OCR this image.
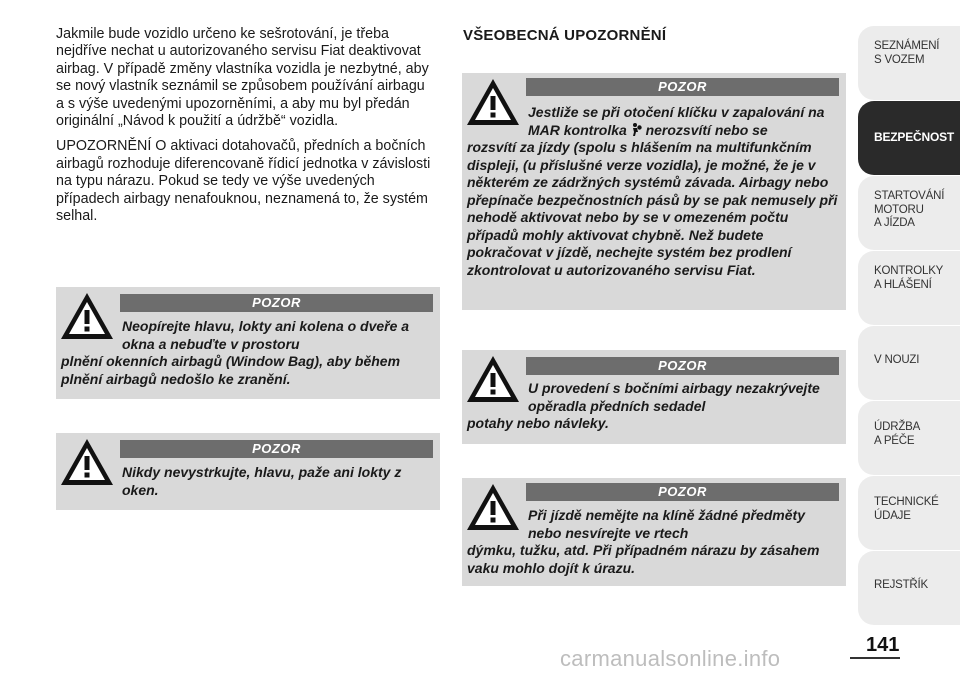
Jakmile bude vozidlo určeno ke sešrotování, je třeba nejdříve nechat u autorizovaného servisu Fiat deaktivovat airbag. V případě změny vlastníka vozidla je nezbytné, aby se nový vlastník seznámil se způsobem používání airbagu a s výše uvedenými upozorněními, a aby mu byl předán originální „Návod k použití a údržbě“ vozidla.

UPOZORNĚNÍ O aktivaci dotahovačů, předních a bočních airbagů rozhoduje diferencovaně řídicí jednotka v závislosti na typu nárazu. Pokud se tedy ve výše uvedených případech airbagy nenafouknou, neznamená to, že systém selhal.

POZOR

Neopírejte hlavu, lokty ani kolena o dveře a okna a nebuďte v prostoru
plnění okenních airbagů (Window Bag), aby během plnění airbagů nedošlo ke zranění.

POZOR

Nikdy nevystrkujte, hlavu, paže ani lokty z oken.

VŠEOBECNÁ UPOZORNĚNÍ
POZOR

Jestliže se při otočení klíčku v zapalování na MAR kontrolka nerozsvítí nebo se
rozsvítí za jízdy (spolu s hlášením na multifunkčním displeji, (u příslušné verze vozidla), je možné, že je v některém ze zádržných systémů závada. Airbagy nebo přepínače bezpečnostních pásů by se pak nemusely při nehodě aktivovat nebo by se v omezeném počtu případů mohly aktivovat chybně. Než budete pokračovat v jízdě, nechejte systém bez prodlení zkontrolovat u autorizovaného servisu Fiat.

POZOR

U provedení s bočními airbagy nezakrývejte opěradla předních sedadel
potahy nebo návleky.

POZOR

Při jízdě nemějte na klíně žádné předměty nebo nesvírejte ve rtech
dýmku, tužku, atd. Při případném nárazu by zásahem vaku mohlo dojít k úrazu.

SEZNÁMENÍ
S VOZEM
BEZPEČNOST
STARTOVÁNÍ
MOTORU
A JÍZDA
KONTROLKY
A HLÁŠENÍ
V NOUZI
ÚDRŽBA
A PÉČE
TECHNICKÉ
ÚDAJE
REJSTŘÍK

141

carmanualsonline.info
